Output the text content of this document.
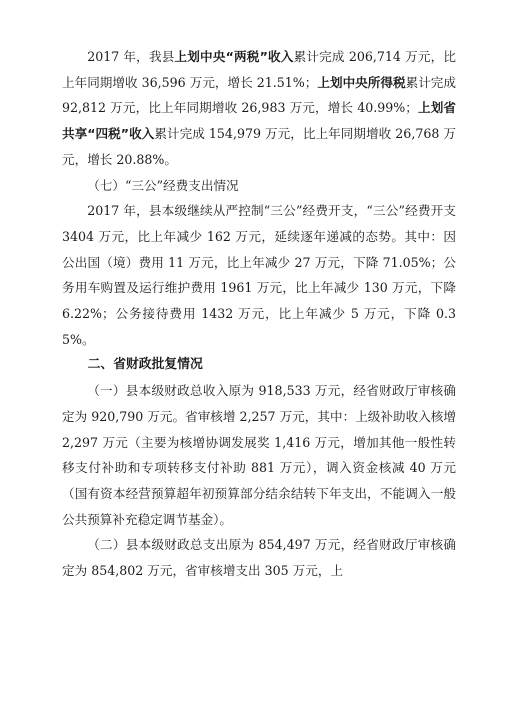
2017 年，我县上划中央“两税”收入累计完成 206,714 万元，比上年同期增收 36,596 万元，增长 21.51%；上划中央所得税累计完成 92,812 万元，比上年同期增收 26,983 万元，增长 40.99%；上划省共享“四税”收入累计完成 154,979 万元，比上年同期增收 26,768 万元，增长 20.88%。

（七）“三公”经费支出情况

2017 年，县本级继续从严控制“三公”经费开支，“三公”经费开支 3404 万元，比上年减少 162 万元，延续逐年递减的态势。其中：因公出国（境）费用 11 万元，比上年减少 27 万元，下降 71.05%；公务用车购置及运行维护费用 1961 万元，比上年减少 130 万元，下降 6.22%；公务接待费用 1432 万元，比上年减少 5 万元，下降 0.35%。

二、省财政批复情况

（一）县本级财政总收入原为 918,533 万元，经省财政厅审核确定为 920,790 万元。省审核增 2,257 万元，其中：上级补助收入核增 2,297 万元（主要为核增协调发展奖 1,416 万元，增加其他一般性转移支付补助和专项转移支付补助 881 万元），调入资金核减 40 万元（国有资本经营预算超年初预算部分结余结转下年支出，不能调入一般公共预算补充稳定调节基金）。

（二）县本级财政总支出原为 854,497 万元，经省财政厅审核确定为 854,802 万元，省审核增支出 305 万元，上
